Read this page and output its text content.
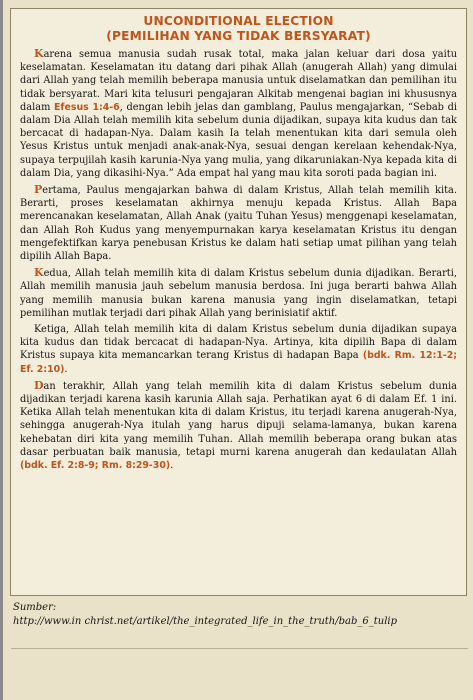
UNCONDITIONAL ELECTION
(PEMILIHAN YANG TIDAK BERSYARAT)

Karena semua manusia sudah rusak total, maka jalan keluar dari dosa yaitu keselamatan. Keselamatan itu datang dari pihak Allah (anugerah Allah) yang dimulai dari Allah yang telah memilih beberapa manusia untuk diselamatkan dan pemilihan itu tidak bersyarat. Mari kita telusuri pengajaran Alkitab mengenai bagian ini khususnya dalam Efesus 1:4-6, dengan lebih jelas dan gamblang, Paulus mengajarkan, “Sebab di dalam Dia Allah telah memilih kita sebelum dunia dijadikan, supaya kita kudus dan tak bercacat di hadapan-Nya. Dalam kasih Ia telah menentukan kita dari semula oleh Yesus Kristus untuk menjadi anak-anak-Nya, sesuai dengan kerelaan kehendak-Nya, supaya terpujilah kasih karunia-Nya yang mulia, yang dikaruniakan-Nya kepada kita di dalam Dia, yang dikasihi-Nya.” Ada empat hal yang mau kita soroti pada bagian ini.

Pertama, Paulus mengajarkan bahwa di dalam Kristus, Allah telah memilih kita. Berarti, proses keselamatan akhirnya menuju kepada Kristus. Allah Bapa merencanakan keselamatan, Allah Anak (yaitu Tuhan Yesus) menggenapi keselamatan, dan Allah Roh Kudus yang menyempurnakan karya keselamatan Kristus itu dengan mengefektifkan karya penebusan Kristus ke dalam hati setiap umat pilihan yang telah dipilih Allah Bapa.

Kedua, Allah telah memilih kita di dalam Kristus sebelum dunia dijadikan. Berarti, Allah memilih manusia jauh sebelum manusia berdosa. Ini juga berarti bahwa Allah yang memilih manusia bukan karena manusia yang ingin diselamatkan, tetapi pemilihan mutlak terjadi dari pihak Allah yang berinisiatif aktif.

Ketiga, Allah telah memilih kita di dalam Kristus sebelum dunia dijadikan supaya kita kudus dan tidak bercacat di hadapan-Nya. Artinya, kita dipilih Bapa di dalam Kristus supaya kita memancarkan terang Kristus di hadapan Bapa (bdk. Rm. 12:1-2; Ef. 2:10).

Dan terakhir, Allah yang telah memilih kita di dalam Kristus sebelum dunia dijadikan terjadi karena kasih karunia Allah saja. Perhatikan ayat 6 di dalam Ef. 1 ini. Ketika Allah telah menentukan kita di dalam Kristus, itu terjadi karena anugerah-Nya, sehingga anugerah-Nya itulah yang harus dipuji selama-lamanya, bukan karena kehebatan diri kita yang memilih Tuhan. Allah memilih beberapa orang bukan atas dasar perbuatan baik manusia, tetapi murni karena anugerah dan kedaulatan Allah (bdk. Ef. 2:8-9; Rm. 8:29-30).

Sumber:
http://www.in christ.net/artikel/the_integrated_life_in_the_truth/bab_6_tulip
